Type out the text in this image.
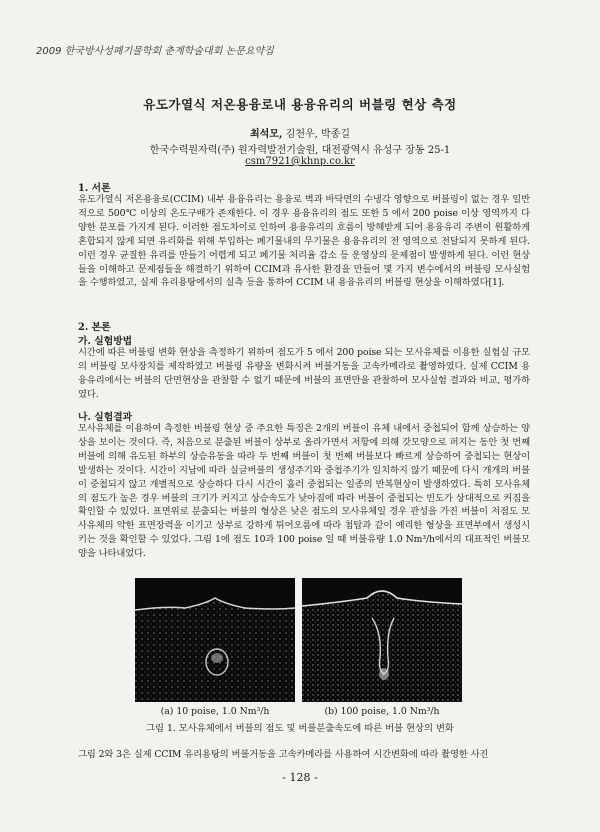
2009 한국방사성폐기물학회 춘계학술대회 논문요약집
유도가열식 저온용융로내 용융유리의 버블링 현상 측정
최석모, 김천우, 박종길
한국수력원자력(주) 원자력발전기술원, 대전광역시 유성구 장동 25-1
csm7921@khnp.co.kr
1. 서론
유도가열식 저온용융로(CCIM) 내부 용융유리는 용융로 벽과 바닥면의 수냉각 영향으로 버블링이 없는 경우 일반적으로 500℃ 이상의 온도구배가 존재한다. 이 경우 용융유리의 점도 또한 5 에서 200 poise 이상 영역까지 다양한 분포를 가지게 된다. 이러한 점도차이로 인하여 용융유리의 흐름이 방해받게 되어 용융유리 주변이 원활하게 혼합되지 않게 되면 유리화를 위해 투입하는 폐기물내의 무기물은 용융유리의 전 영역으로 전달되지 못하게 된다. 이런 경우 균질한 유리를 만들기 어렵게 되고 폐기물 처리율 감소 등 운영상의 문제점이 발생하게 된다. 이런 현상들을 이해하고 문제점들을 해결하기 위하여 CCIM과 유사한 환경을 만들어 몇 가지 변수에서의 버블링 모사실험을 수행하였고, 실제 유리용탕에서의 실측 등을 통하여 CCIM 내 용융유리의 버블링 현상을 이해하였다[1].
2. 본론
가. 실험방법
시간에 따른 버블링 변화 현상을 측정하기 위하여 점도가 5 에서 200 poise 되는 모사유체를 이용한 실험실 규모의 버블링 모사장치를 제작하였고 버블링 유량을 변화시켜 버블거동을 고속카메라로 촬영하였다. 실제 CCIM 용융유리에서는 버블의 단면현상을 관찰할 수 없기 때문에 버블의 표면만을 관찰하여 모사실험 결과와 비교, 평가하였다.
나. 실험결과
모사유체를 이용하여 측정한 버블링 현상 중 주요한 특징은 2개의 버블이 유체 내에서 중첩되어 함께 상승하는 양상을 보이는 것이다. 즉, 처음으로 분출된 버블이 상부로 올라가면서 저항에 의해 갓모양으로 퍼지는 동안 첫 번째 버블에 의해 유도된 하부의 상승유동을 따라 두 번째 버블이 첫 번째 버블보다 빠르게 상승하여 중첩되는 현상이 발생하는 것이다. 시간이 지남에 따라 실글버블의 생성주기와 중첩주기가 일치하지 않기 때문에 다시 개개의 버블이 중첩되지 않고 개별적으로 상승하다 다시 시간이 흘러 중첩되는 일종의 반복현상이 발생하였다. 특히 모사유체의 점도가 높은 경우 버블의 크기가 커지고 상승속도가 낮아짐에 따라 버블이 중첩되는 빈도가 상대적으로 커짐을 확인할 수 있었다. 표면위로 분출되는 버블의 형상은 낮은 점도의 모사유체일 경우 관성을 가진 버블이 저점도 모사유체의 약한 표면장력을 이기고 상부로 강하게 튀어오름에 따라 첨탑과 같이 예리한 형상을 표면부에서 생성시키는 것을 확인할 수 있었다. 그림 1에 점도 10과 100 poise 일 때 버블유량 1.0 Nm³/h에서의 대표적인 버블모양을 나타내었다.
(a) 10 poise, 1.0 Nm³/h	(b) 100 poise, 1.0 Nm³/h
그림 1. 모사유체에서 버블의 점도 및 버블분출속도에 따른 버블 현상의 변화
그림 2와 3은 실제 CCIM 유리용탕의 버블거동을 고속카메라를 사용하여 시간변화에 따라 촬영한 사진
- 128 -
